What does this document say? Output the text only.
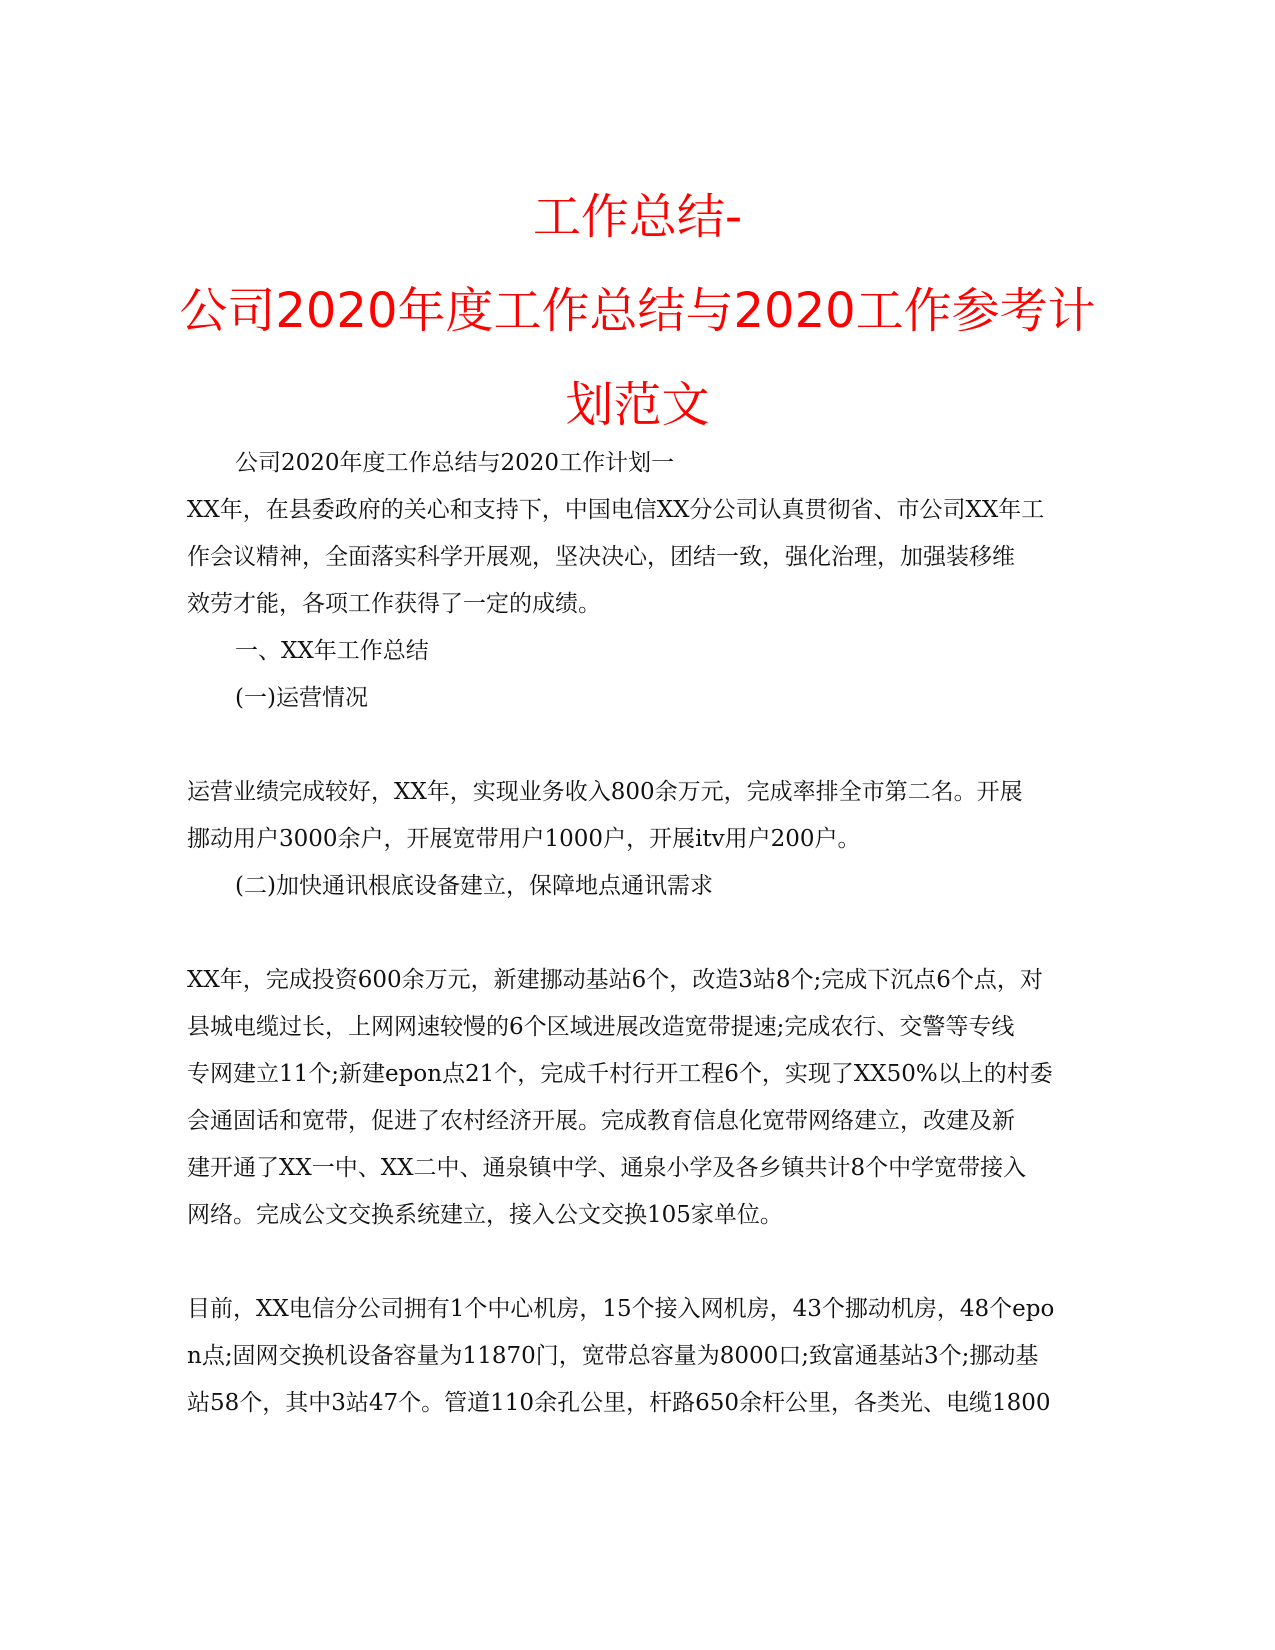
工作总结-
公司2020年度工作总结与2020工作参考计
划范文
公司2020年度工作总结与2020工作计划一
XX年，在县委政府的关心和支持下，中国电信XX分公司认真贯彻省、市公司XX年工
作会议精神，全面落实科学开展观，坚决决心，团结一致，强化治理，加强装移维
效劳才能，各项工作获得了一定的成绩。
一、XX年工作总结
(一)运营情况
运营业绩完成较好，XX年，实现业务收入800余万元，完成率排全市第二名。开展
挪动用户3000余户，开展宽带用户1000户，开展itv用户200户。
(二)加快通讯根底设备建立，保障地点通讯需求
XX年，完成投资600余万元，新建挪动基站6个，改造3站8个;完成下沉点6个点，对
县城电缆过长，上网网速较慢的6个区域进展改造宽带提速;完成农行、交警等专线
专网建立11个;新建epon点21个，完成千村行开工程6个，实现了XX50%以上的村委
会通固话和宽带，促进了农村经济开展。完成教育信息化宽带网络建立，改建及新
建开通了XX一中、XX二中、通泉镇中学、通泉小学及各乡镇共计8个中学宽带接入
网络。完成公文交换系统建立，接入公文交换105家单位。
目前，XX电信分公司拥有1个中心机房，15个接入网机房，43个挪动机房，48个epo
n点;固网交换机设备容量为11870门，宽带总容量为8000口;致富通基站3个;挪动基
站58个，其中3站47个。管道110余孔公里，杆路650余杆公里，各类光、电缆1800
